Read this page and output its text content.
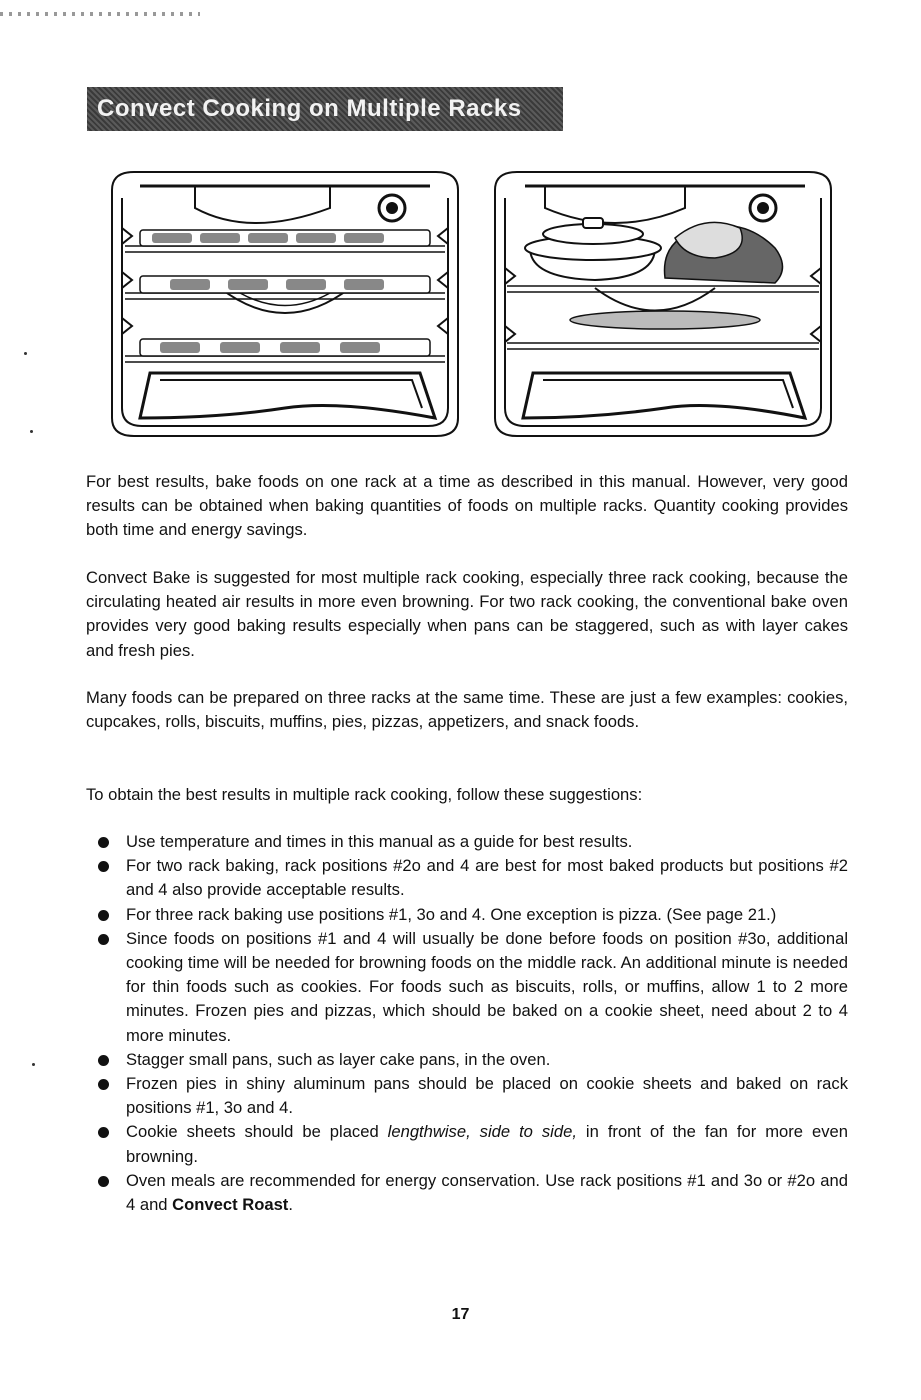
Convect Cooking on Multiple Racks

For best results, bake foods on one rack at a time as described in this manual. However, very good results can be obtained when baking quantities of foods on multiple racks. Quantity cooking provides both time and energy savings.

Convect Bake is suggested for most multiple rack cooking, especially three rack cooking, because the circulating heated air results in more even browning. For two rack cooking, the conventional bake oven provides very good baking results especially when pans can be staggered, such as with layer cakes and fresh pies.

Many foods can be prepared on three racks at the same time. These are just a few examples: cookies, cupcakes, rolls, biscuits, muffins, pies, pizzas, appetizers, and snack foods.

To obtain the best results in multiple rack cooking, follow these suggestions:

Use temperature and times in this manual as a guide for best results.
For two rack baking, rack positions #2o and 4 are best for most baked products but positions #2 and 4 also provide acceptable results.
For three rack baking use positions #1, 3o and 4. One exception is pizza. (See page 21.)
Since foods on positions #1 and 4 will usually be done before foods on position #3o, additional cooking time will be needed for browning foods on the middle rack. An additional minute is needed for thin foods such as cookies. For foods such as biscuits, rolls, or muffins, allow 1 to 2 more minutes. Frozen pies and pizzas, which should be baked on a cookie sheet, need about 2 to 4 more minutes.
Stagger small pans, such as layer cake pans, in the oven.
Frozen pies in shiny aluminum pans should be placed on cookie sheets and baked on rack positions #1, 3o and 4.
Cookie sheets should be placed lengthwise, side to side, in front of the fan for more even browning.
Oven meals are recommended for energy conservation. Use rack positions #1 and 3o or #2o and 4 and Convect Roast.
17
